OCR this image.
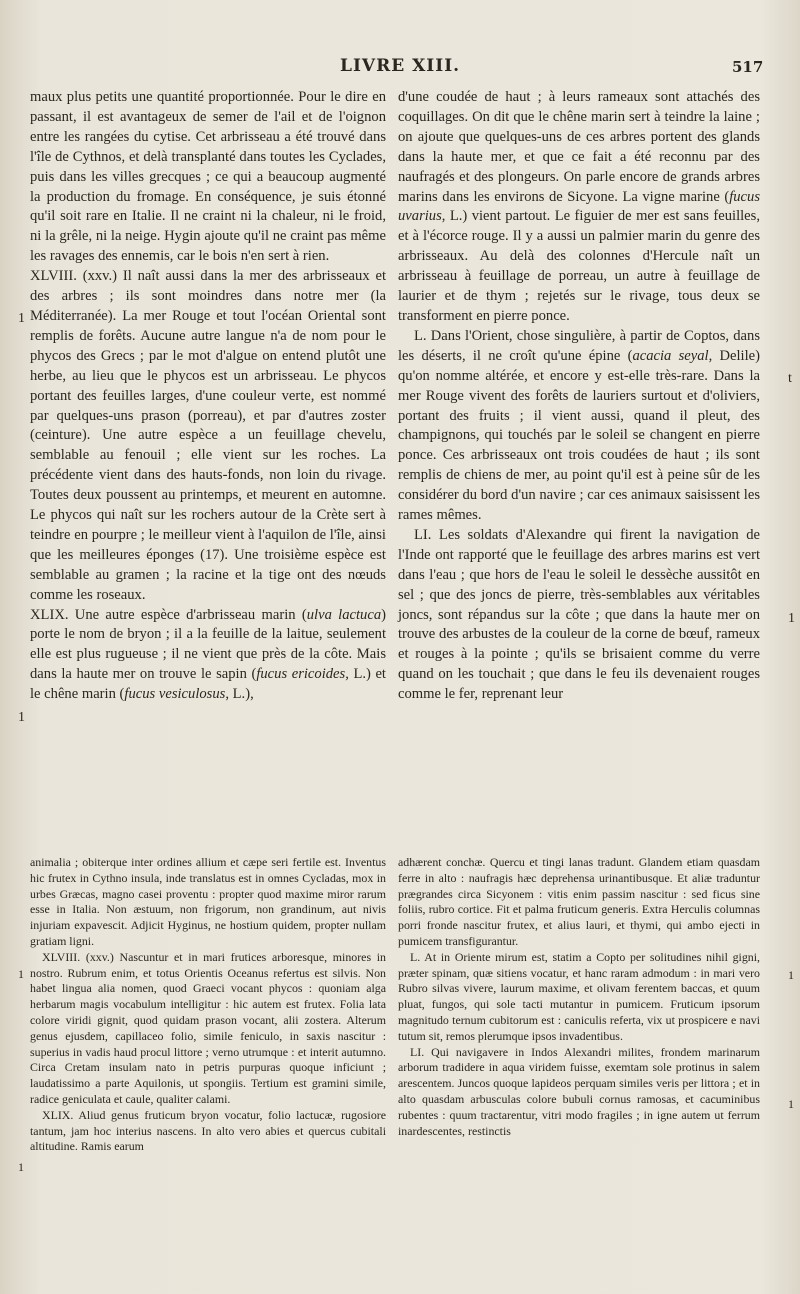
LIVRE XIII.	517
1
1
t
1
1
1
1
1

maux plus petits une quantité proportionnée. Pour le dire en passant, il est avantageux de semer de l'ail et de l'oignon entre les rangées du cytise. Cet arbrisseau a été trouvé dans l'île de Cythnos, et delà transplanté dans toutes les Cyclades, puis dans les villes grecques ; ce qui a beaucoup augmenté la production du fromage. En conséquence, je suis étonné qu'il soit rare en Italie. Il ne craint ni la chaleur, ni le froid, ni la grêle, ni la neige. Hygin ajoute qu'il ne craint pas même les ravages des ennemis, car le bois n'en sert à rien.

XLVIII. (xxv.) Il naît aussi dans la mer des arbrisseaux et des arbres ; ils sont moindres dans notre mer (la Méditerranée). La mer Rouge et tout l'océan Oriental sont remplis de forêts. Aucune autre langue n'a de nom pour le phycos des Grecs ; par le mot d'algue on entend plutôt une herbe, au lieu que le phycos est un arbrisseau. Le phycos portant des feuilles larges, d'une couleur verte, est nommé par quelques-uns prason (porreau), et par d'autres zoster (ceinture). Une autre espèce a un feuillage chevelu, semblable au fenouil ; elle vient sur les roches. La précédente vient dans des hauts-fonds, non loin du rivage. Toutes deux poussent au printemps, et meurent en automne. Le phycos qui naît sur les rochers autour de la Crète sert à teindre en pourpre ; le meilleur vient à l'aquilon de l'île, ainsi que les meilleures éponges (17). Une troisième espèce est semblable au gramen ; la racine et la tige ont des nœuds comme les roseaux.

XLIX. Une autre espèce d'arbrisseau marin (ulva lactuca) porte le nom de bryon ; il a la feuille de la laitue, seulement elle est plus rugueuse ; il ne vient que près de la côte. Mais dans la haute mer on trouve le sapin (fucus ericoides, L.) et le chêne marin (fucus vesiculosus, L.),

d'une coudée de haut ; à leurs rameaux sont attachés des coquillages. On dit que le chêne marin sert à teindre la laine ; on ajoute que quelques-uns de ces arbres portent des glands dans la haute mer, et que ce fait a été reconnu par des naufragés et des plongeurs. On parle encore de grands arbres marins dans les environs de Sicyone. La vigne marine (fucus uvarius, L.) vient partout. Le figuier de mer est sans feuilles, et à l'écorce rouge. Il y a aussi un palmier marin du genre des arbrisseaux. Au delà des colonnes d'Hercule naît un arbrisseau à feuillage de porreau, un autre à feuillage de laurier et de thym ; rejetés sur le rivage, tous deux se transforment en pierre ponce.

L. Dans l'Orient, chose singulière, à partir de Coptos, dans les déserts, il ne croît qu'une épine (acacia seyal, Delile) qu'on nomme altérée, et encore y est-elle très-rare. Dans la mer Rouge vivent des forêts de lauriers surtout et d'oliviers, portant des fruits ; il vient aussi, quand il pleut, des champignons, qui touchés par le soleil se changent en pierre ponce. Ces arbrisseaux ont trois coudées de haut ; ils sont remplis de chiens de mer, au point qu'il est à peine sûr de les considérer du bord d'un navire ; car ces animaux saisissent les rames mêmes.

LI. Les soldats d'Alexandre qui firent la navigation de l'Inde ont rapporté que le feuillage des arbres marins est vert dans l'eau ; que hors de l'eau le soleil le dessèche aussitôt en sel ; que des joncs de pierre, très-semblables aux véritables joncs, sont répandus sur la côte ; que dans la haute mer on trouve des arbustes de la couleur de la corne de bœuf, rameux et rouges à la pointe ; qu'ils se brisaient comme du verre quand on les touchait ; que dans le feu ils devenaient rouges comme le fer, reprenant leur

animalia ; obiterque inter ordines allium et cæpe seri fertile est. Inventus hic frutex in Cythno insula, inde translatus est in omnes Cycladas, mox in urbes Græcas, magno casei proventu : propter quod maxime miror rarum esse in Italia. Non æstuum, non frigorum, non grandinum, aut nivis injuriam expavescit. Adjicit Hyginus, ne hostium quidem, propter nullam gratiam ligni.

XLVIII. (xxv.) Nascuntur et in mari frutices arboresque, minores in nostro. Rubrum enim, et totus Orientis Oceanus refertus est silvis. Non habet lingua alia nomen, quod Graeci vocant phycos : quoniam alga herbarum magis vocabulum intelligitur : hic autem est frutex. Folia lata colore viridi gignit, quod quidam prason vocant, alii zostera. Alterum genus ejusdem, capillaceo folio, simile feniculo, in saxis nascitur : superius in vadis haud procul littore ; verno utrumque : et interit autumno. Circa Cretam insulam nato in petris purpuras quoque inficiunt ; laudatissimo a parte Aquilonis, ut spongiis. Tertium est gramini simile, radice geniculata et caule, qualiter calami.

XLIX. Aliud genus fruticum bryon vocatur, folio lactucæ, rugosiore tantum, jam hoc interius nascens. In alto vero abies et quercus cubitali altitudine. Ramis earum

adhærent conchæ. Quercu et tingi lanas tradunt. Glandem etiam quasdam ferre in alto : naufragis hæc deprehensa urinantibusque. Et aliæ traduntur prægrandes circa Sicyonem : vitis enim passim nascitur : sed ficus sine foliis, rubro cortice. Fit et palma fruticum generis. Extra Herculis columnas porri fronde nascitur frutex, et alius lauri, et thymi, qui ambo ejecti in pumicem transfigurantur.

L. At in Oriente mirum est, statim a Copto per solitudines nihil gigni, præter spinam, quæ sitiens vocatur, et hanc raram admodum : in mari vero Rubro silvas vivere, laurum maxime, et olivam ferentem baccas, et quum pluat, fungos, qui sole tacti mutantur in pumicem. Fruticum ipsorum magnitudo ternum cubitorum est : caniculis referta, vix ut prospicere e navi tutum sit, remos plerumque ipsos invadentibus.

LI. Qui navigavere in Indos Alexandri milites, frondem marinarum arborum tradidere in aqua viridem fuisse, exemtam sole protinus in salem arescentem. Juncos quoque lapideos perquam similes veris per littora ; et in alto quasdam arbusculas colore bubuli cornus ramosas, et cacuminibus rubentes : quum tractarentur, vitri modo fragiles ; in igne autem ut ferrum inardescentes, restinctis
